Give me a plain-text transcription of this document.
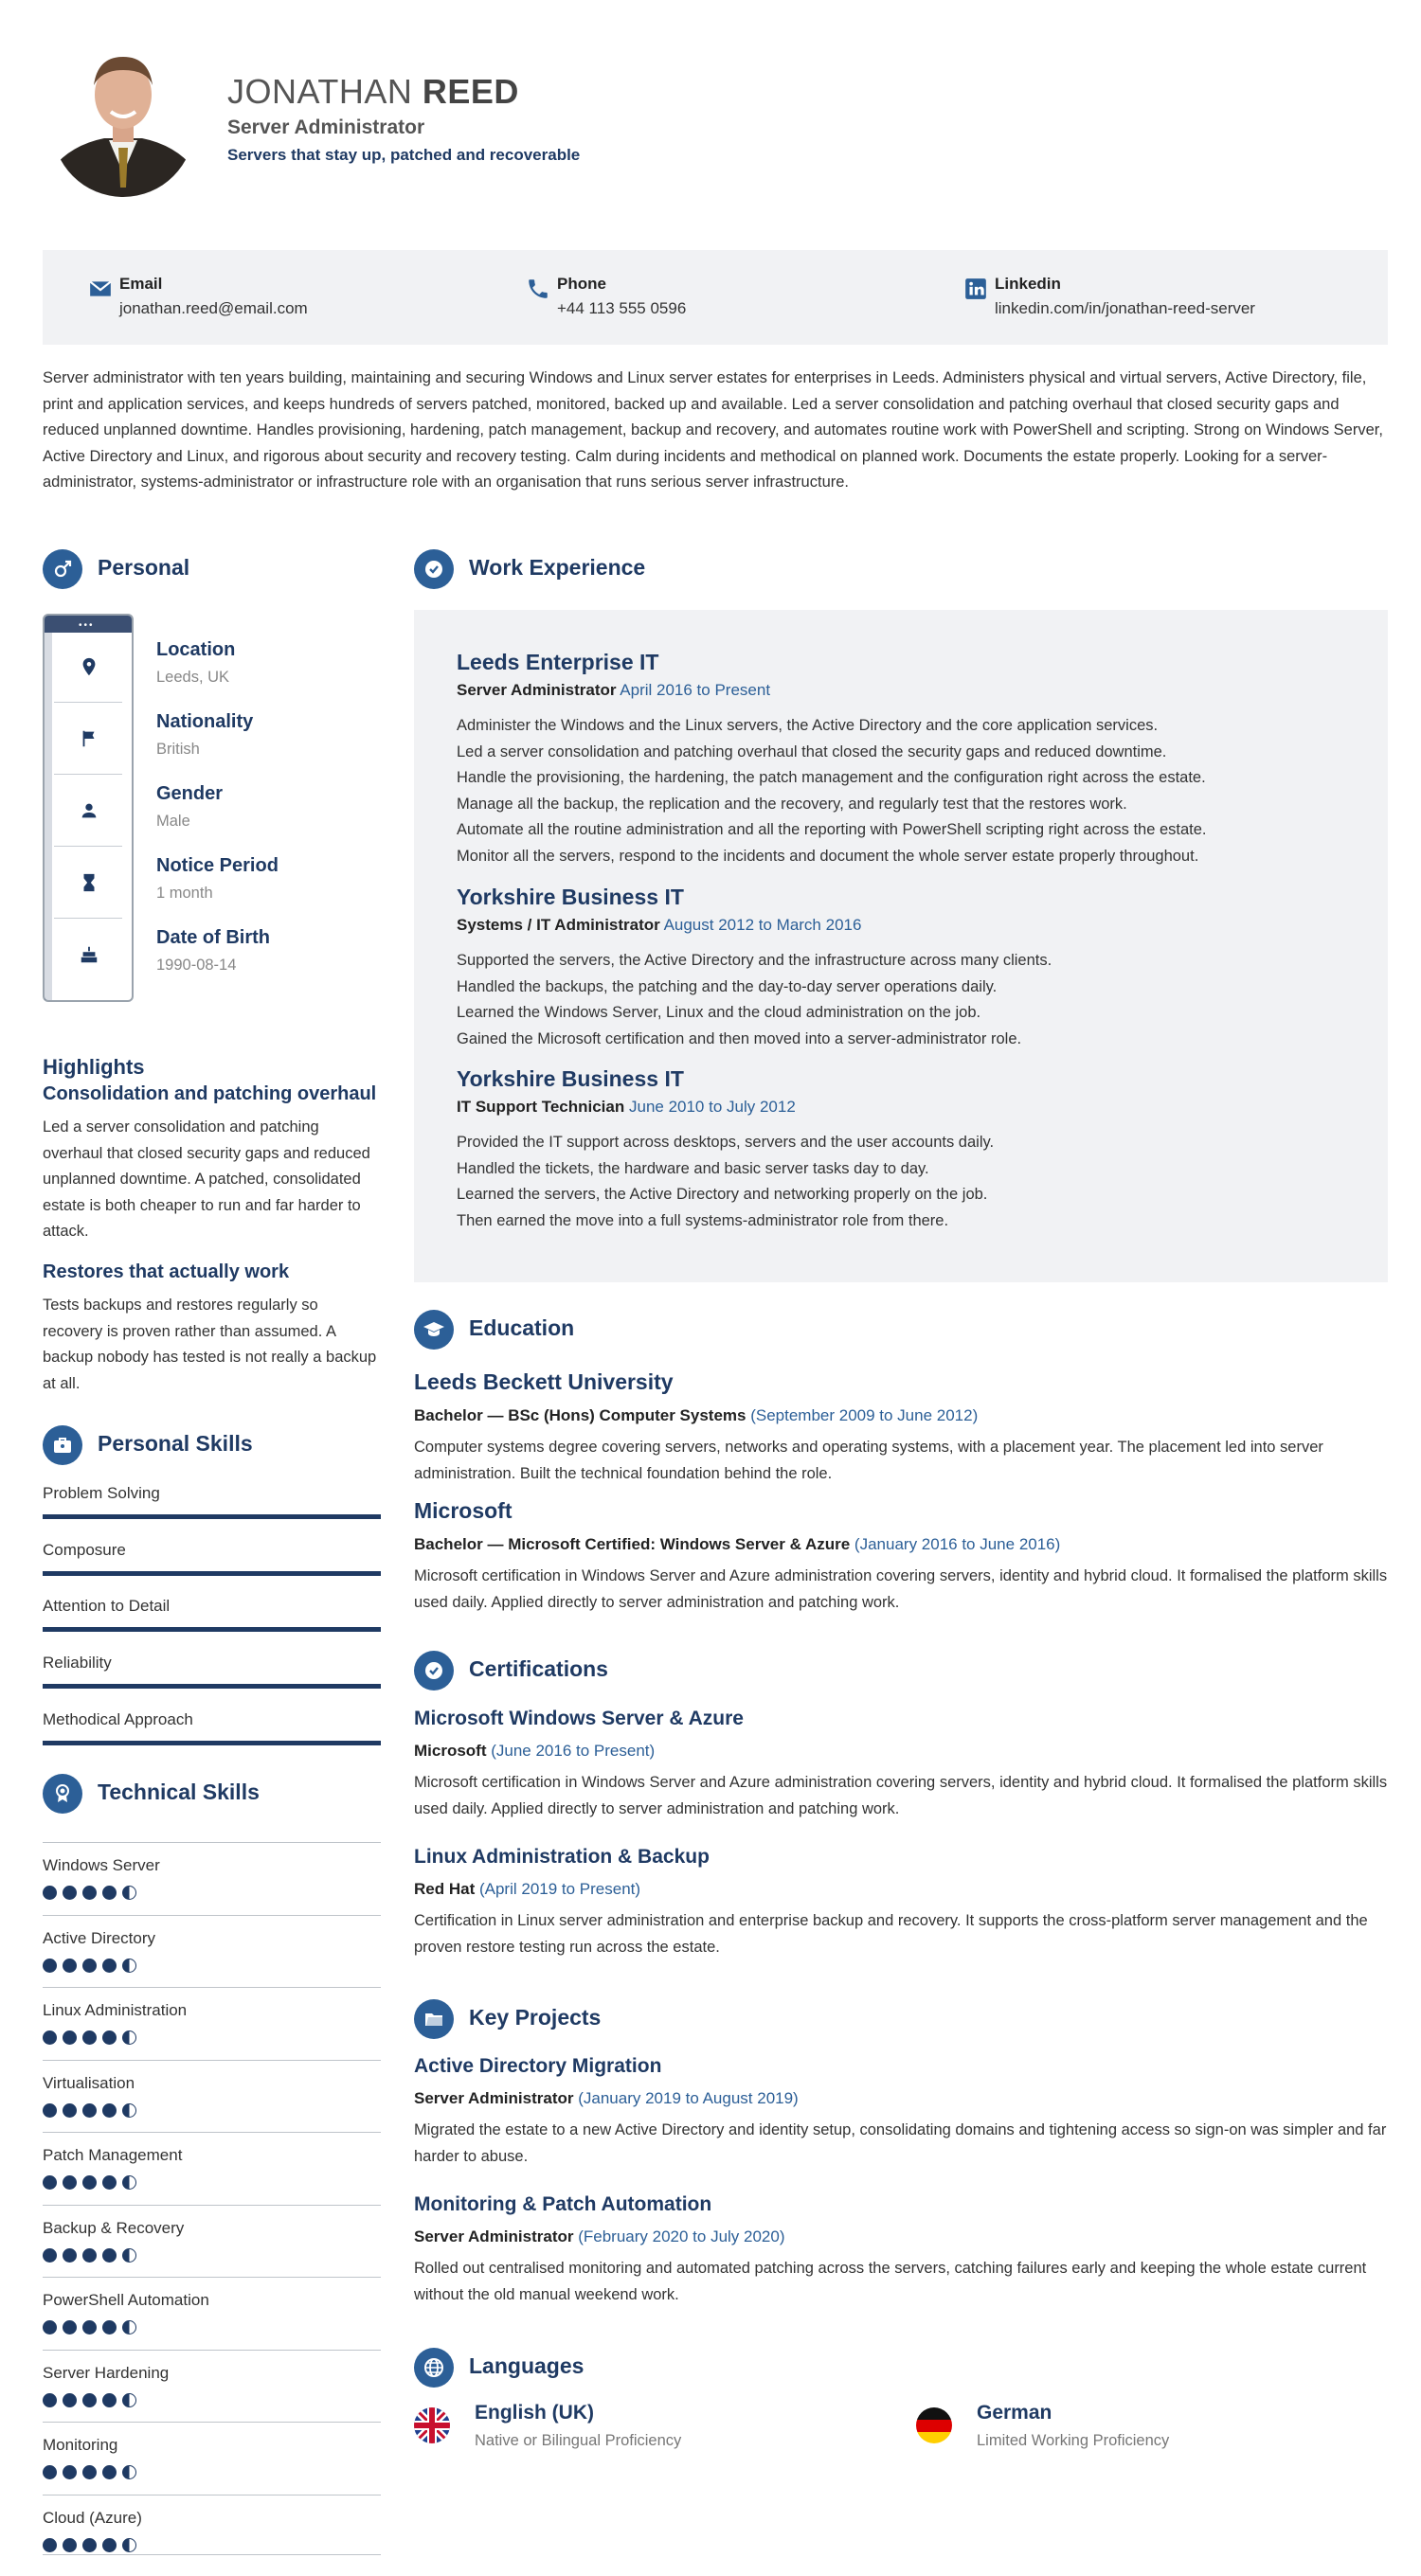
JONATHAN REED
Server Administrator
Servers that stay up, patched and recoverable
Email
jonathan.reed@email.com
Phone
+44 113 555 0596
Linkedin
linkedin.com/in/jonathan-reed-server
Server administrator with ten years building, maintaining and securing Windows and Linux server estates for enterprises in Leeds. Administers physical and virtual servers, Active Directory, file, print and application services, and keeps hundreds of servers patched, monitored, backed up and available. Led a server consolidation and patching overhaul that closed security gaps and reduced unplanned downtime. Handles provisioning, hardening, patch management, backup and recovery, and automates routine work with PowerShell and scripting. Strong on Windows Server, Active Directory and Linux, and rigorous about security and recovery testing. Calm during incidents and methodical on planned work. Documents the estate properly. Looking for a server-administrator, systems-administrator or infrastructure role with an organisation that runs serious server infrastructure.
Personal
•••
Location
Leeds, UK
Nationality
British
Gender
Male
Notice Period
1 month
Date of Birth
1990-08-14
Highlights
Consolidation and patching overhaul
Led a server consolidation and patching overhaul that closed security gaps and reduced unplanned downtime. A patched, consolidated estate is both cheaper to run and far harder to attack.
Restores that actually work
Tests backups and restores regularly so recovery is proven rather than assumed. A backup nobody has tested is not really a backup at all.
Personal Skills
Problem Solving
Composure
Attention to Detail
Reliability
Methodical Approach
Technical Skills
Windows Server
Active Directory
Linux Administration
Virtualisation
Patch Management
Backup & Recovery
PowerShell Automation
Server Hardening
Monitoring
Cloud (Azure)
Work Experience
Leeds Enterprise IT
Server Administrator April 2016 to Present
Administer the Windows and the Linux servers, the Active Directory and the core application services.
Led a server consolidation and patching overhaul that closed the security gaps and reduced downtime.
Handle the provisioning, the hardening, the patch management and the configuration right across the estate.
Manage all the backup, the replication and the recovery, and regularly test that the restores work.
Automate all the routine administration and all the reporting with PowerShell scripting right across the estate.
Monitor all the servers, respond to the incidents and document the whole server estate properly throughout.
Yorkshire Business IT
Systems / IT Administrator August 2012 to March 2016
Supported the servers, the Active Directory and the infrastructure across many clients.
Handled the backups, the patching and the day-to-day server operations daily.
Learned the Windows Server, Linux and the cloud administration on the job.
Gained the Microsoft certification and then moved into a server-administrator role.
Yorkshire Business IT
IT Support Technician June 2010 to July 2012
Provided the IT support across desktops, servers and the user accounts daily.
Handled the tickets, the hardware and basic server tasks day to day.
Learned the servers, the Active Directory and networking properly on the job.
Then earned the move into a full systems-administrator role from there.
Education
Leeds Beckett University
Bachelor — BSc (Hons) Computer Systems (September 2009 to June 2012)
Computer systems degree covering servers, networks and operating systems, with a placement year. The placement led into server administration. Built the technical foundation behind the role.
Microsoft
Bachelor — Microsoft Certified: Windows Server & Azure (January 2016 to June 2016)
Microsoft certification in Windows Server and Azure administration covering servers, identity and hybrid cloud. It formalised the platform skills used daily. Applied directly to server administration and patching work.
Certifications
Microsoft Windows Server & Azure
Microsoft (June 2016 to Present)
Microsoft certification in Windows Server and Azure administration covering servers, identity and hybrid cloud. It formalised the platform skills used daily. Applied directly to server administration and patching work.
Linux Administration & Backup
Red Hat (April 2019 to Present)
Certification in Linux server administration and enterprise backup and recovery. It supports the cross-platform server management and the proven restore testing run across the estate.
Key Projects
Active Directory Migration
Server Administrator (January 2019 to August 2019)
Migrated the estate to a new Active Directory and identity setup, consolidating domains and tightening access so sign-on was simpler and far harder to abuse.
Monitoring & Patch Automation
Server Administrator (February 2020 to July 2020)
Rolled out centralised monitoring and automated patching across the servers, catching failures early and keeping the whole estate current without the old manual weekend work.
Languages
English (UK)
Native or Bilingual Proficiency
German
Limited Working Proficiency
